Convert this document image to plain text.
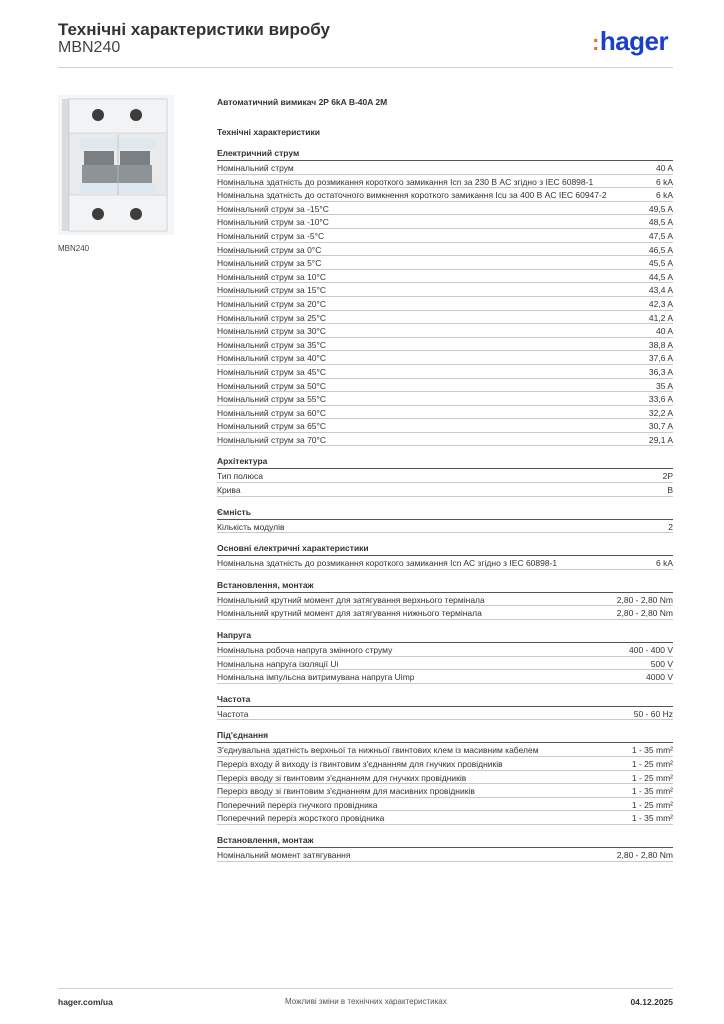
Технічні характеристики виробу
MBN240	:hager
MBN240
Автоматичний вимикач 2P 6kA B-40A 2M
Технічні характеристики
Електричний струм
Номінальний струм	40 A
Номінальна здатність до розмикання короткого замикання Icn за 230 В AC згідно з IEC 60898-1	6 kA
Номінальна здатність до остаточного вимкнення короткого замикання Icu за 400 В AC IEC 60947-2	6 kA
Номінальний струм за -15°C	49,5 A
Номінальний струм за -10°C	48,5 A
Номінальний струм за -5°C	47,5 A
Номінальний струм за 0°C	46,5 A
Номінальний струм за 5°C	45,5 A
Номінальний струм за 10°C	44,5 A
Номінальний струм за 15°C	43,4 A
Номінальний струм за 20°C	42,3 A
Номінальний струм за 25°C	41,2 A
Номінальний струм за 30°C	40 A
Номінальний струм за 35°C	38,8 A
Номінальний струм за 40°C	37,6 A
Номінальний струм за 45°C	36,3 A
Номінальний струм за 50°C	35 A
Номінальний струм за 55°C	33,6 A
Номінальний струм за 60°C	32,2 A
Номінальний струм за 65°C	30,7 A
Номінальний струм за 70°C	29,1 A
Архітектура
Тип полюса	2P
Крива	B
Ємність
Кількість модулів	2
Основні електричні характеристики
Номінальна здатність до розмикання короткого замикання Icn AC згідно з IEC 60898-1	6 kA
Встановлення, монтаж
Номінальний крутний момент для затягування верхнього термінала	2,80 - 2,80 Nm
Номінальний крутний момент для затягування нижнього термінала	2,80 - 2,80 Nm
Напруга
Номінальна робоча напруга змінного струму	400 - 400 V
Номінальна напруга ізоляції Ui	500 V
Номінальна імпульсна витримувана напруга Uimp	4000 V
Частота
Частота	50 - 60 Hz
Під'єднання
З'єднувальна здатність верхньої та нижньої гвинтових клем із масивним кабелем	1 - 35 mm²
Переріз входу й виходу із гвинтовим з'єднанням для гнучких провідників	1 - 25 mm²
Переріз вводу зі гвинтовим з'єднанням для гнучких провідників	1 - 25 mm²
Переріз вводу зі гвинтовим з'єднанням для масивних провідників	1 - 35 mm²
Поперечний переріз гнучкого провідника	1 - 25 mm²
Поперечний переріз жорсткого провідника	1 - 35 mm²
Встановлення, монтаж
Номінальний момент затягування	2,80 - 2,80 Nm
hager.com/ua	Можливі зміни в технічних характеристиках	04.12.2025
